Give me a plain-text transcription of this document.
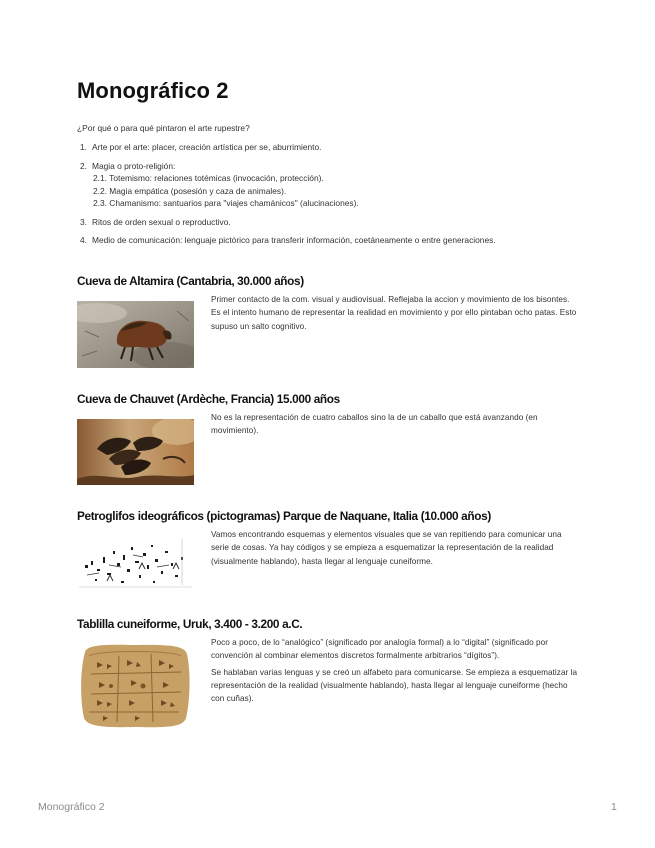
Monográfico 2

¿Por qué o para qué pintaron el arte rupestre?

1. Arte por el arte: placer, creación artística per se, aburrimiento.
2. Magia o proto-religión:
2.1. Totemismo: relaciones totémicas (invocación, protección).
2.2. Magia empática (posesión y caza de animales).
2.3. Chamanismo: santuarios para "viajes chamánicos" (alucinaciones).
3. Ritos de orden sexual o reproductivo.
4. Medio de comunicación: lenguaje pictórico para transferir información, coetáneamente o entre generaciones.
Cueva de Altamira (Cantabria, 30.000 años)

Primer contacto de la com. visual y audiovisual. Reflejaba la accion y movimiento de los bisontes. Es el intento humano de representar la realidad en movimiento y por ello pintaban ocho patas. Esto supuso un salto cognitivo.

Cueva de Chauvet (Ardèche, Francia) 15.000 años

No es la representación de cuatro caballos sino la de un caballo que está avanzando (en movimiento).

Petroglifos ideográficos (pictogramas) Parque de Naquane, Italia (10.000 años)

Vamos encontrando esquemas y elementos visuales que se van repitiendo para comunicar una serie de cosas. Ya hay códigos y se empieza a esquematizar la representación de la realidad (visualmente hablando), hasta llegar al lenguaje cuneiforme.

Tablilla cuneiforme, Uruk, 3.400 - 3.200 a.C.

Poco a poco, de lo “analógico” (significado por analogía formal) a lo “digital” (significado por convención al combinar elementos discretos formalmente arbitrarios “dígitos”).

Se hablaban varias lenguas y se creó un alfabeto para comunicarse. Se empieza a esquematizar la representación de la realidad (visualmente hablando), hasta llegar al lenguaje cuneiforme (hecho con cuñas).

Monográfico 2	1
